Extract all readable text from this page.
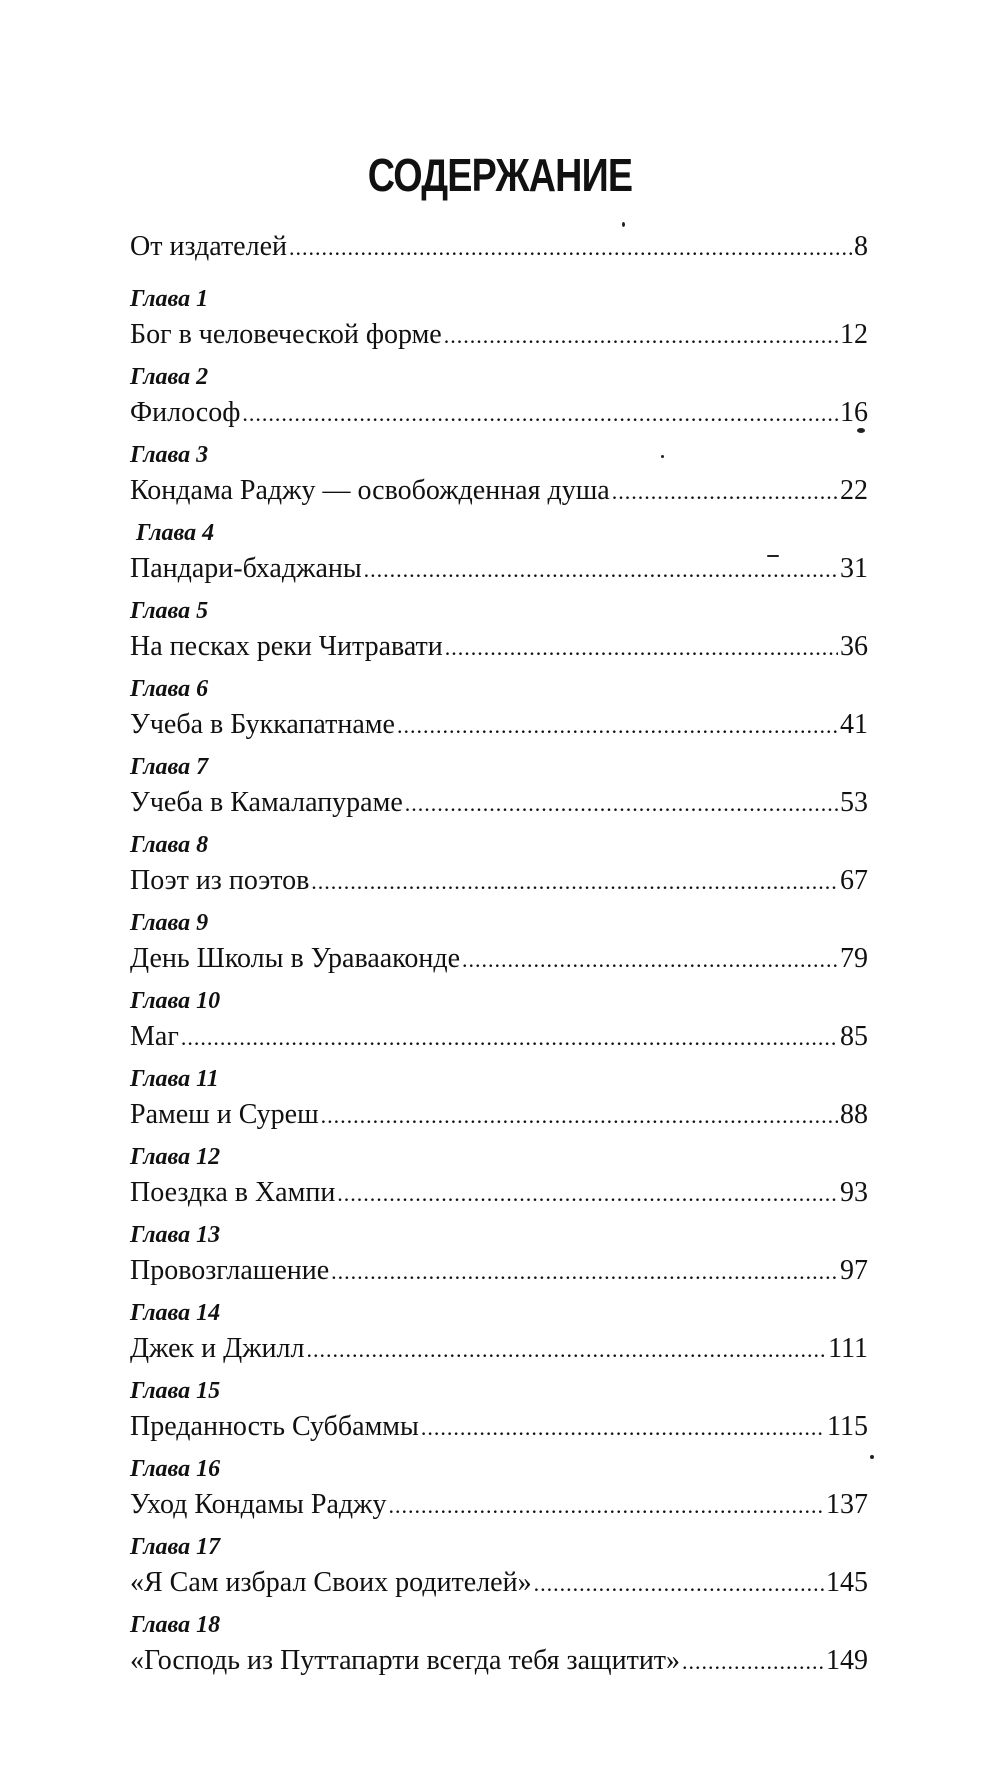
СОДЕРЖАНИЕ
От издателей .....	8
Глава 1
Бог в человеческой форме .....	12
Глава 2
Философ .....	16
Глава 3
Кондама Раджу — освобожденная душа .....	22
Глава 4
Пандари-бхаджаны .....	31
Глава 5
На песках реки Читравати .....	36
Глава 6
Учеба в Буккапатнаме .....	41
Глава 7
Учеба в Камалапураме .....	53
Глава 8
Поэт из поэтов .....	67
Глава 9
День Школы в Уравааконде .....	79
Глава 10
Маг .....	85
Глава 11
Рамеш и Суреш .....	88
Глава 12
Поездка в Хампи .....	93
Глава 13
Провозглашение .....	97
Глава 14
Джек и Джилл .....	111
Глава 15
Преданность Суббаммы .....	115
Глава 16
Уход Кондамы Раджу .....	137
Глава 17
«Я Сам избрал Своих родителей» .....	145
Глава 18
«Господь из Путтапарти всегда тебя защитит» .....	149
